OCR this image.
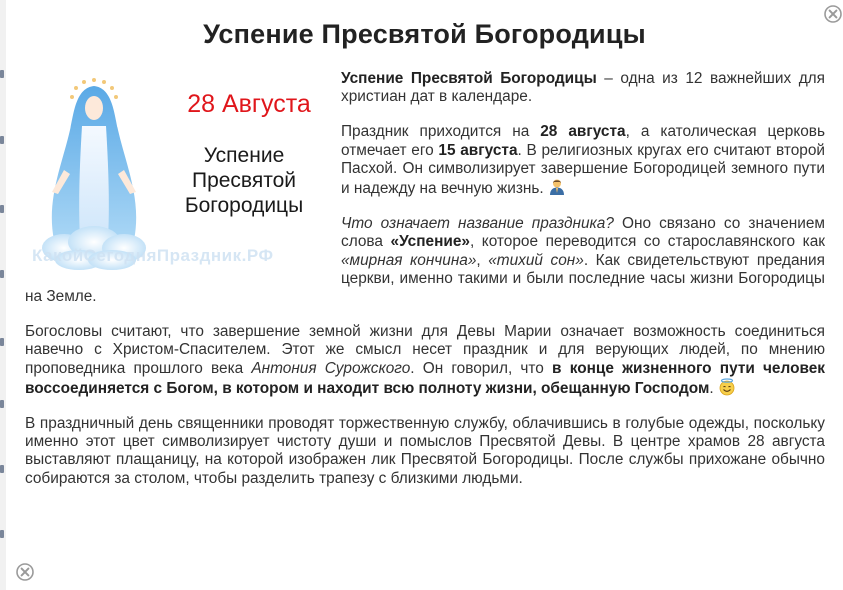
Успение Пресвятой Богородицы
28 Августа
Успение
Пресвятой
Богородицы
КакойСегодняПраздник.РФ

Успение Пресвятой Богородицы – одна из 12 важнейших для христиан дат в календаре.

Праздник приходится на 28 августа, а католическая церковь отмечает его 15 августа. В религиозных кругах его считают второй Пасхой. Он символизирует завершение Богородицей земного пути и надежду на вечную жизнь.

Что означает название праздника? Оно связано со значением слова «Успение», которое переводится со старославянского как «мирная кончина», «тихий сон». Как свидетельствуют предания церкви, именно такими и были последние часы жизни Богородицы на Земле.

Богословы считают, что завершение земной жизни для Девы Марии означает возможность соединиться навечно с Христом-Спасителем. Этот же смысл несет праздник и для верующих людей, по мнению проповедника прошлого века Антония Сурожского. Он говорил, что в конце жизненного пути человек воссоединяется с Богом, в котором и находит всю полноту жизни, обещанную Господом.

В праздничный день священники проводят торжественную службу, облачившись в голубые одежды, поскольку именно этот цвет символизирует чистоту души и помыслов Пресвятой Девы. В центре храмов 28 августа выставляют плащаницу, на которой изображен лик Пресвятой Богородицы. После службы прихожане обычно собираются за столом, чтобы разделить трапезу с близкими людьми.
